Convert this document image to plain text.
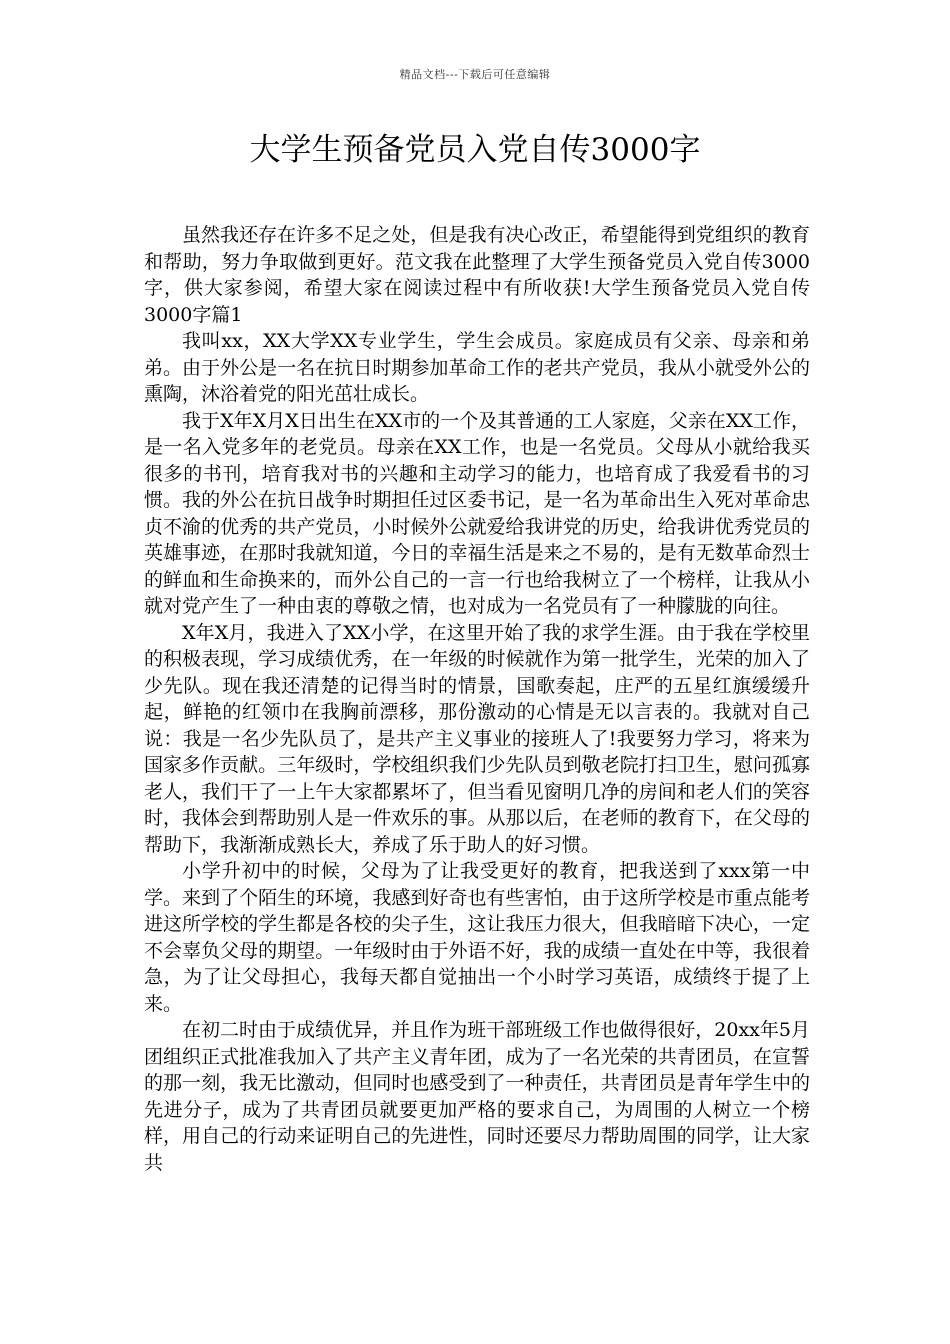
精品文档---下载后可任意编辑
大学生预备党员入党自传3000字

虽然我还存在许多不足之处，但是我有决心改正，希望能得到党组织的教育和帮助，努力争取做到更好。范文我在此整理了大学生预备党员入党自传3000字，供大家参阅，希望大家在阅读过程中有所收获!大学生预备党员入党自传3000字篇1

我叫xx，XX大学XX专业学生，学生会成员。家庭成员有父亲、母亲和弟弟。由于外公是一名在抗日时期参加革命工作的老共产党员，我从小就受外公的熏陶，沐浴着党的阳光茁壮成长。

我于X年X月X日出生在XX市的一个及其普通的工人家庭，父亲在XX工作，是一名入党多年的老党员。母亲在XX工作，也是一名党员。父母从小就给我买很多的书刊，培育我对书的兴趣和主动学习的能力，也培育成了我爱看书的习惯。我的外公在抗日战争时期担任过区委书记，是一名为革命出生入死对革命忠贞不渝的优秀的共产党员，小时候外公就爱给我讲党的历史，给我讲优秀党员的英雄事迹，在那时我就知道，今日的幸福生活是来之不易的，是有无数革命烈士的鲜血和生命换来的，而外公自己的一言一行也给我树立了一个榜样，让我从小就对党产生了一种由衷的尊敬之情，也对成为一名党员有了一种朦胧的向往。

X年X月，我进入了XX小学，在这里开始了我的求学生涯。由于我在学校里的积极表现，学习成绩优秀，在一年级的时候就作为第一批学生，光荣的加入了少先队。现在我还清楚的记得当时的情景，国歌奏起，庄严的五星红旗缓缓升起，鲜艳的红领巾在我胸前漂移，那份激动的心情是无以言表的。我就对自己说：我是一名少先队员了，是共产主义事业的接班人了!我要努力学习，将来为国家多作贡献。三年级时，学校组织我们少先队员到敬老院打扫卫生，慰问孤寡老人，我们干了一上午大家都累坏了，但当看见窗明几净的房间和老人们的笑容时，我体会到帮助别人是一件欢乐的事。从那以后，在老师的教育下，在父母的帮助下，我渐渐成熟长大，养成了乐于助人的好习惯。

小学升初中的时候，父母为了让我受更好的教育，把我送到了xxx第一中学。来到了个陌生的环境，我感到好奇也有些害怕，由于这所学校是市重点能考进这所学校的学生都是各校的尖子生，这让我压力很大，但我暗暗下决心，一定不会辜负父母的期望。一年级时由于外语不好，我的成绩一直处在中等，我很着急，为了让父母担心，我每天都自觉抽出一个小时学习英语，成绩终于提了上来。

在初二时由于成绩优异，并且作为班干部班级工作也做得很好，20xx年5月团组织正式批准我加入了共产主义青年团，成为了一名光荣的共青团员，在宣誓的那一刻，我无比激动，但同时也感受到了一种责任，共青团员是青年学生中的先进分子，成为了共青团员就要更加严格的要求自己，为周围的人树立一个榜样，用自己的行动来证明自己的先进性，同时还要尽力帮助周围的同学，让大家共
